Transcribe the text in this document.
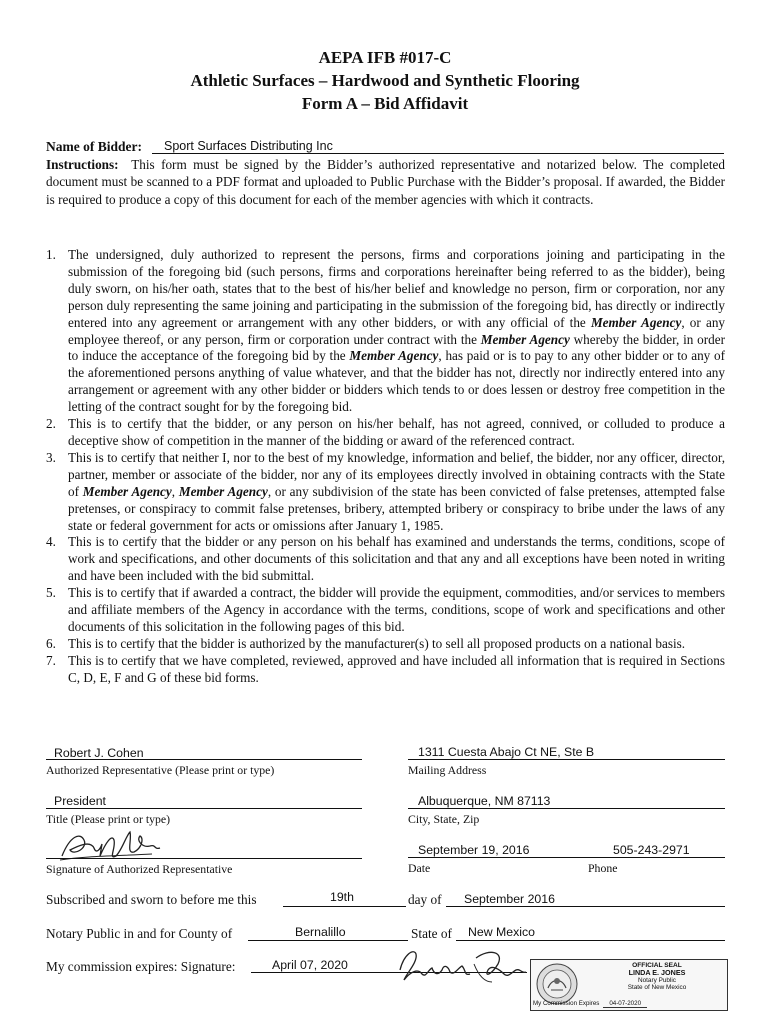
AEPA IFB #017-C
Athletic Surfaces – Hardwood and Synthetic Flooring
Form A – Bid Affidavit
Name of Bidder: Sport Surfaces Distributing Inc

Instructions: This form must be signed by the Bidder’s authorized representative and notarized below. The completed document must be scanned to a PDF format and uploaded to Public Purchase with the Bidder’s proposal. If awarded, the Bidder is required to produce a copy of this document for each of the member agencies with which it contracts.

1. The undersigned, duly authorized to represent the persons, firms and corporations joining and participating in the submission of the foregoing bid (such persons, firms and corporations hereinafter being referred to as the bidder), being duly sworn, on his/her oath, states that to the best of his/her belief and knowledge no person, firm or corporation, nor any person duly representing the same joining and participating in the submission of the foregoing bid, has directly or indirectly entered into any agreement or arrangement with any other bidders, or with any official of the Member Agency, or any employee thereof, or any person, firm or corporation under contract with the Member Agency whereby the bidder, in order to induce the acceptance of the foregoing bid by the Member Agency, has paid or is to pay to any other bidder or to any of the aforementioned persons anything of value whatever, and that the bidder has not, directly nor indirectly entered into any arrangement or agreement with any other bidder or bidders which tends to or does lessen or destroy free competition in the letting of the contract sought for by the foregoing bid.
2. This is to certify that the bidder, or any person on his/her behalf, has not agreed, connived, or colluded to produce a deceptive show of competition in the manner of the bidding or award of the referenced contract.
3. This is to certify that neither I, nor to the best of my knowledge, information and belief, the bidder, nor any officer, director, partner, member or associate of the bidder, nor any of its employees directly involved in obtaining contracts with the State of Member Agency, Member Agency, or any subdivision of the state has been convicted of false pretenses, attempted false pretenses, or conspiracy to commit false pretenses, bribery, attempted bribery or conspiracy to bribe under the laws of any state or federal government for acts or omissions after January 1, 1985.
4. This is to certify that the bidder or any person on his behalf has examined and understands the terms, conditions, scope of work and specifications, and other documents of this solicitation and that any and all exceptions have been noted in writing and have been included with the bid submittal.
5. This is to certify that if awarded a contract, the bidder will provide the equipment, commodities, and/or services to members and affiliate members of the Agency in accordance with the terms, conditions, scope of work and specifications and other documents of this solicitation in the following pages of this bid.
6. This is to certify that the bidder is authorized by the manufacturer(s) to sell all proposed products on a national basis.
7. This is to certify that we have completed, reviewed, approved and have included all information that is required in Sections C, D, E, F and G of these bid forms.
Robert J. Cohen
Authorized Representative (Please print or type)
President
Title (Please print or type)
Signature of Authorized Representative
1311 Cuesta Abajo Ct NE, Ste B
Mailing Address
Albuquerque, NM 87113
City, State, Zip
September 19, 2016	505-243-2971
Date	Phone
Subscribed and sworn to before me this	19th	day of September 2016
Notary Public in and for County of	Bernalillo	State of New Mexico
My commission expires: Signature:	April 07, 2020	OFFICIAL SEAL
LINDA E. JONES
Notary Public
State of New Mexico
My Commission Expires 04-07-2020
